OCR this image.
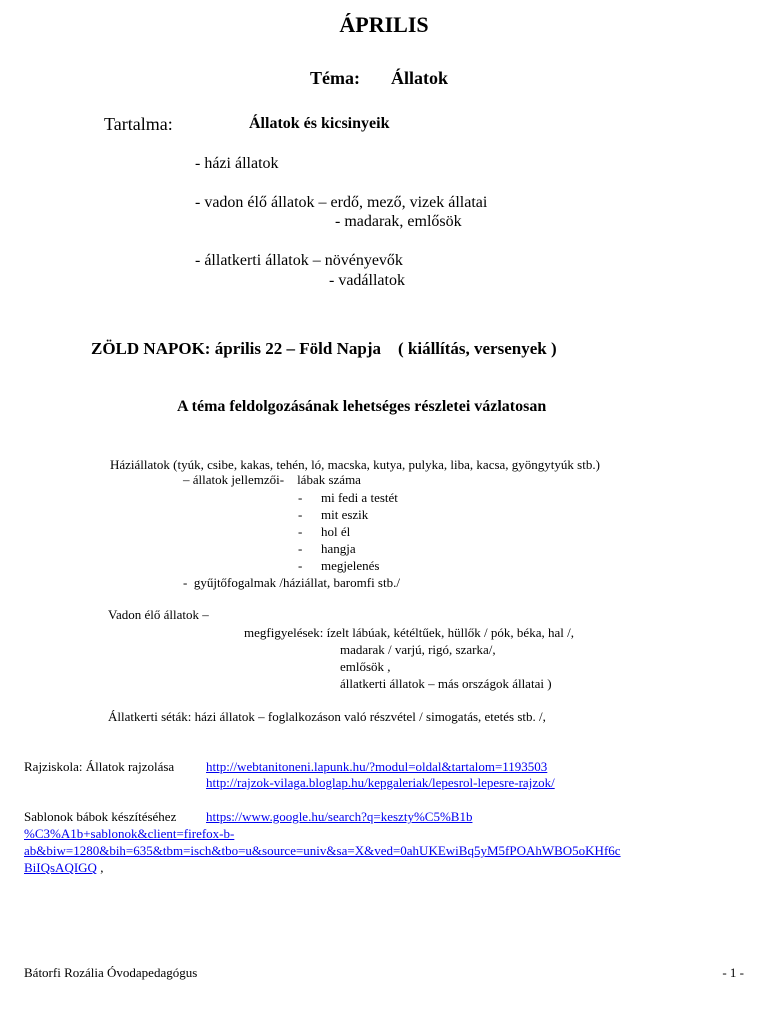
ÁPRILIS
Téma: Állatok
Tartalma:	Állatok és kicsinyeik
- házi állatok
- vadon élő állatok – erdő, mező, vizek állatai
- madarak, emlősök
- állatkerti állatok – növényevők
- vadállatok
ZÖLD NAPOK: április 22 – Föld Napja    ( kiállítás, versenyek )
A téma feldolgozásának lehetséges részletei vázlatosan
Háziállatok (tyúk, csibe, kakas, tehén, ló, macska, kutya, pulyka, liba, kacsa, gyöngytyúk stb.)
– állatok jellemzői-    lábak száma
- mi fedi a testét
- mit eszik
- hol él
- hangja
- megjelenés
-  gyűjtőfogalmak /háziállat, baromfi stb./
Vadon élő állatok –
megfigyelések: ízelt lábúak, kétéltűek, hüllők / pók, béka, hal /,
madarak / varjú, rigó, szarka/,
emlősök ,
állatkerti állatok – más országok állatai )
Állatkerti séták: házi állatok – foglalkozáson való részvétel / simogatás, etetés stb. /,
Rajziskola: Állatok rajzolása http://webtanitoneni.lapunk.hu/?modul=oldal&tartalom=1193503
http://rajzok-vilaga.bloglap.hu/kepgaleriak/lepesrol-lepesre-rajzok/
Sablonok bábok készítéséhez https://www.google.hu/search?q=keszty%C5%B1b
%C3%A1b+sablonok&client=firefox-b-
ab&biw=1280&bih=635&tbm=isch&tbo=u&source=univ&sa=X&ved=0ahUKEwiBq5yM5fPOAhWBO5oKHf6c
BiIQsAQIGQ ,
Bátorfi Rozália Óvodapedagógus	- 1 -
